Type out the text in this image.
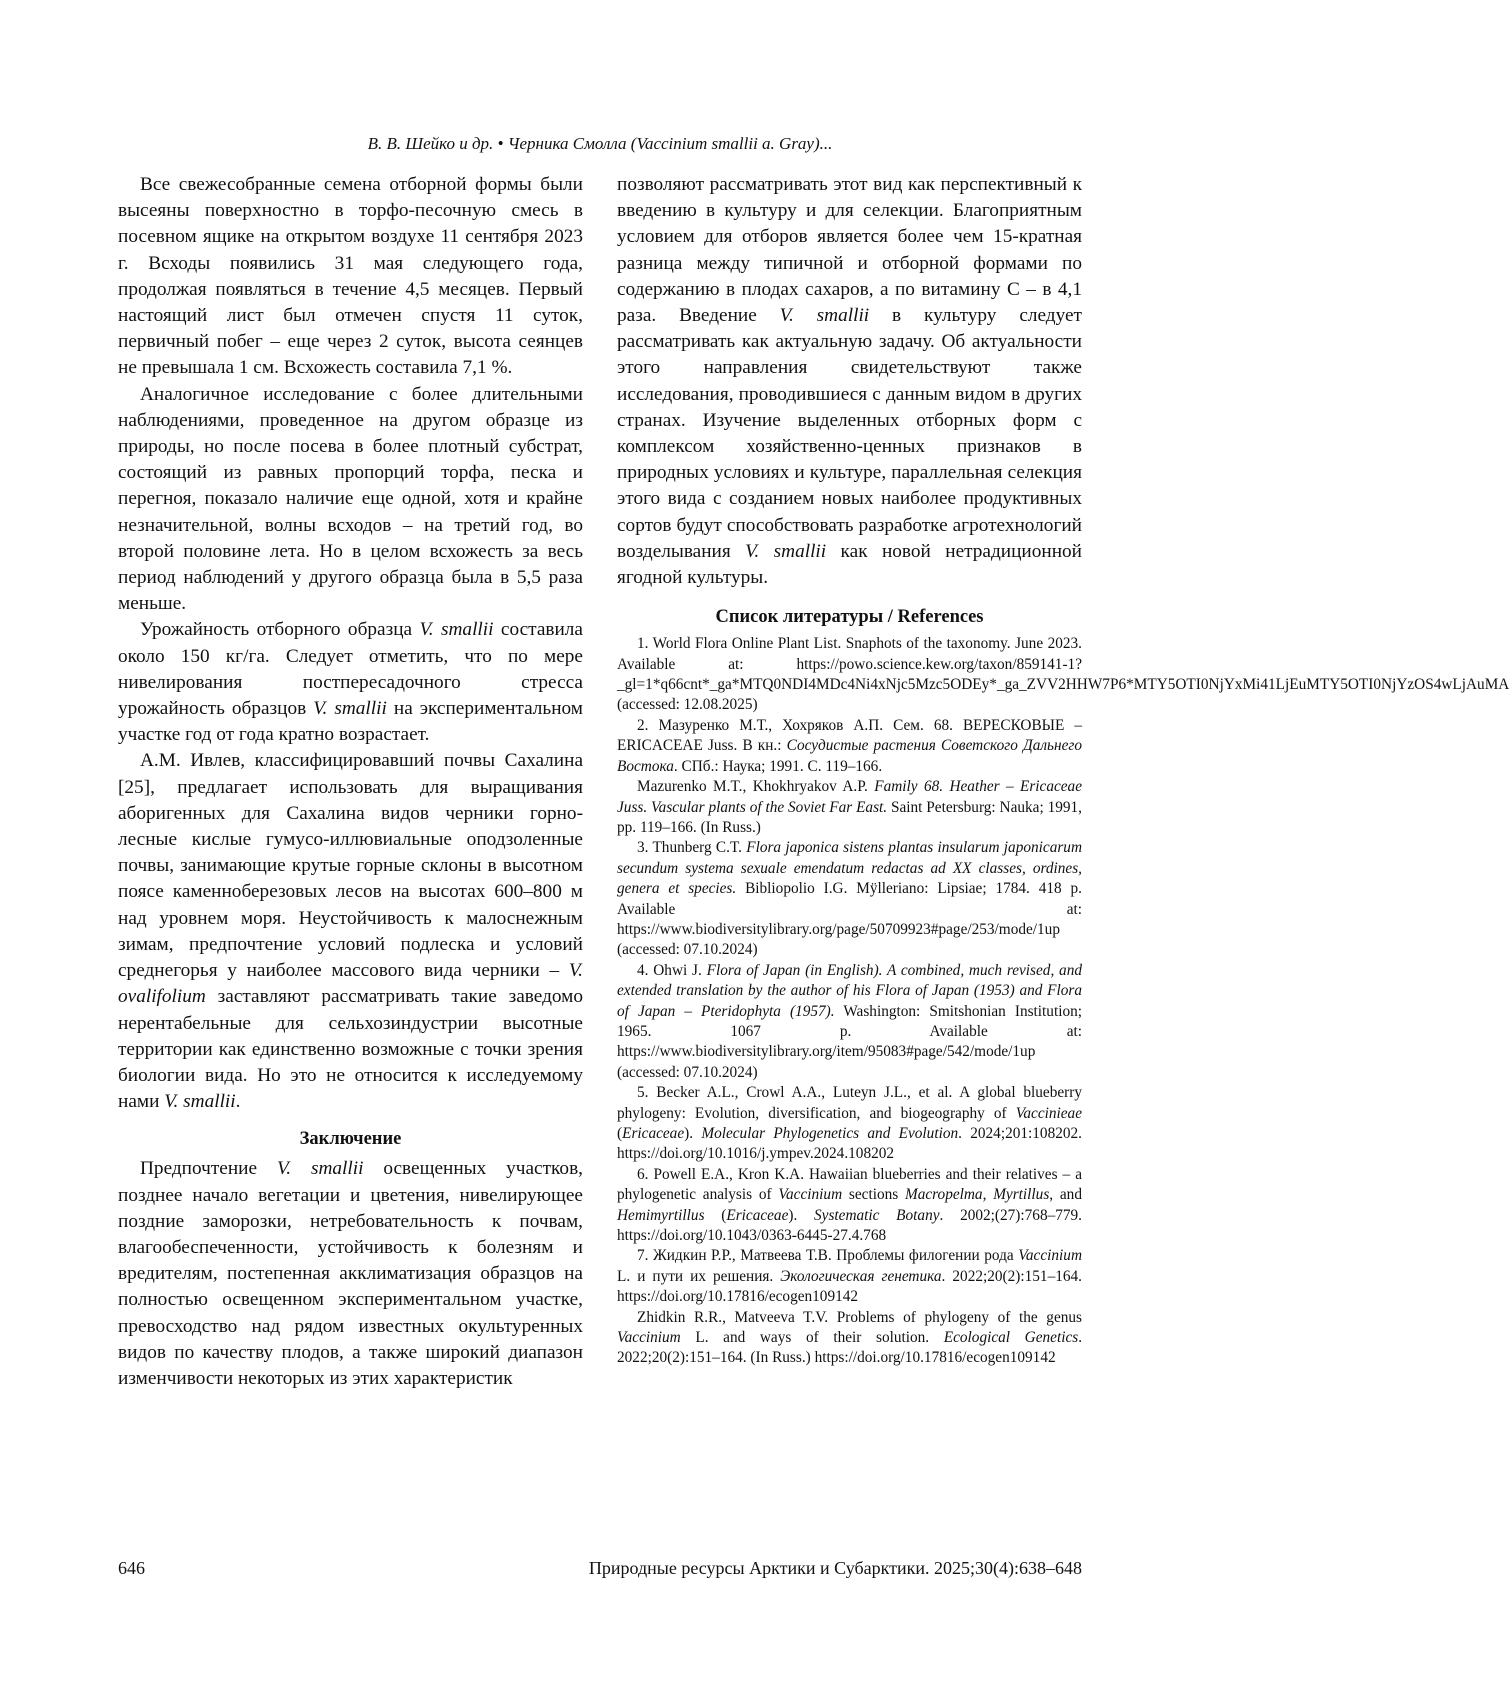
В. В. Шейко и др. • Черника Смолла (Vaccinium smallii a. Gray)...

Все свежесобранные семена отборной формы были высеяны поверхностно в торфо-песочную смесь в посевном ящике на открытом воздухе 11 сентября 2023 г. Всходы появились 31 мая следующего года, продолжая появляться в течение 4,5 месяцев. Первый настоящий лист был отмечен спустя 11 суток, первичный побег – еще через 2 суток, высота сеянцев не превышала 1 см. Всхожесть составила 7,1 %.

Аналогичное исследование с более длительными наблюдениями, проведенное на другом образце из природы, но после посева в более плотный субстрат, состоящий из равных пропорций торфа, песка и перегноя, показало наличие еще одной, хотя и крайне незначительной, волны всходов – на третий год, во второй половине лета. Но в целом всхожесть за весь период наблюдений у другого образца была в 5,5 раза меньше.

Урожайность отборного образца V. smallii составила около 150 кг/га. Следует отметить, что по мере нивелирования постпересадочного стресса урожайность образцов V. smallii на экспериментальном участке год от года кратно возрастает.

А.М. Ивлев, классифицировавший почвы Сахалина [25], предлагает использовать для выращивания аборигенных для Сахалина видов черники горно-лесные кислые гумусо-иллювиальные оподзоленные почвы, занимающие крутые горные склоны в высотном поясе каменноберезовых лесов на высотах 600–800 м над уровнем моря. Неустойчивость к малоснежным зимам, предпочтение условий подлеска и условий среднегорья у наиболее массового вида черники – V. ovalifolium заставляют рассматривать такие заведомо нерентабельные для сельхозиндустрии высотные территории как единственно возможные с точки зрения биологии вида. Но это не относится к исследуемому нами V. smallii.

Заключение

Предпочтение V. smallii освещенных участков, позднее начало вегетации и цветения, нивелирующее поздние заморозки, нетребовательность к почвам, влагообеспеченности, устойчивость к болезням и вредителям, постепенная акклиматизация образцов на полностью освещенном экспериментальном участке, превосходство над рядом известных окультуренных видов по качеству плодов, а также широкий диапазон изменчивости некоторых из этих характеристик

позволяют рассматривать этот вид как перспективный к введению в культуру и для селекции. Благоприятным условием для отборов является более чем 15-кратная разница между типичной и отборной формами по содержанию в плодах сахаров, а по витамину С – в 4,1 раза. Введение V. smallii в культуру следует рассматривать как актуальную задачу. Об актуальности этого направления свидетельствуют также исследования, проводившиеся с данным видом в других странах. Изучение выделенных отборных форм с комплексом хозяйственно-ценных признаков в природных условиях и культуре, параллельная селекция этого вида с созданием новых наиболее продуктивных сортов будут способствовать разработке агротехнологий возделывания V. smallii как новой нетрадиционной ягодной культуры.

Список литературы / References

1. World Flora Online Plant List. Snaphots of the taxonomy. June 2023. Available at: https://powo.science.kew.org/taxon/859141-1?_gl=1*q66cnt*_ga*MTQ0NDI4MDc4Ni4xNjc5Mzc5ODEy*_ga_ZVV2HHW7P6*MTY5OTI0NjYxMi41LjEuMTY5OTI0NjYzOS4wLjAuMA (accessed: 12.08.2025)

2. Мазуренко М.Т., Хохряков А.П. Сем. 68. ВЕРЕСКОВЫЕ – ERICACEAE Juss. В кн.: Сосудистые растения Советского Дальнего Востока. СПб.: Наука; 1991. С. 119–166.

Mazurenko M.T., Khokhryakov A.P. Family 68. Heather – Ericaceae Juss. Vascular plants of the Soviet Far East. Saint Petersburg: Nauka; 1991, pp. 119–166. (In Russ.)

3. Thunberg C.T. Flora japonica sistens plantas insularum japonicarum secundum systema sexuale emendatum redactas ad XX classes, ordines, genera et species. Bibliopolio I.G. Mÿlleriano: Lipsiae; 1784. 418 p. Available at: https://www.biodiversitylibrary.org/page/50709923#page/253/mode/1up (accessed: 07.10.2024)

4. Ohwi J. Flora of Japan (in English). A combined, much revised, and extended translation by the author of his Flora of Japan (1953) and Flora of Japan – Pteridophyta (1957). Washington: Smitshonian Institution; 1965. 1067 p. Available at: https://www.biodiversitylibrary.org/item/95083#page/542/mode/1up (accessed: 07.10.2024)

5. Becker A.L., Crowl A.A., Luteyn J.L., et al. A global blueberry phylogeny: Evolution, diversification, and biogeography of Vaccinieae (Ericaceae). Molecular Phylogenetics and Evolution. 2024;201:108202. https://doi.org/10.1016/j.ympev.2024.108202

6. Powell E.A., Kron K.A. Hawaiian blueberries and their relatives – a phylogenetic analysis of Vaccinium sections Macropelma, Myrtillus, and Hemimyrtillus (Ericaceae). Systematic Botany. 2002;(27):768–779. https://doi.org/10.1043/0363-6445-27.4.768

7. Жидкин Р.Р., Матвеева Т.В. Проблемы филогении рода Vaccinium L. и пути их решения. Экологическая генетика. 2022;20(2):151–164. https://doi.org/10.17816/ecogen109142

Zhidkin R.R., Matveeva T.V. Problems of phylogeny of the genus Vaccinium L. and ways of their solution. Ecological Genetics. 2022;20(2):151–164. (In Russ.) https://doi.org/10.17816/ecogen109142

646	Природные ресурсы Арктики и Субарктики. 2025;30(4):638–648
